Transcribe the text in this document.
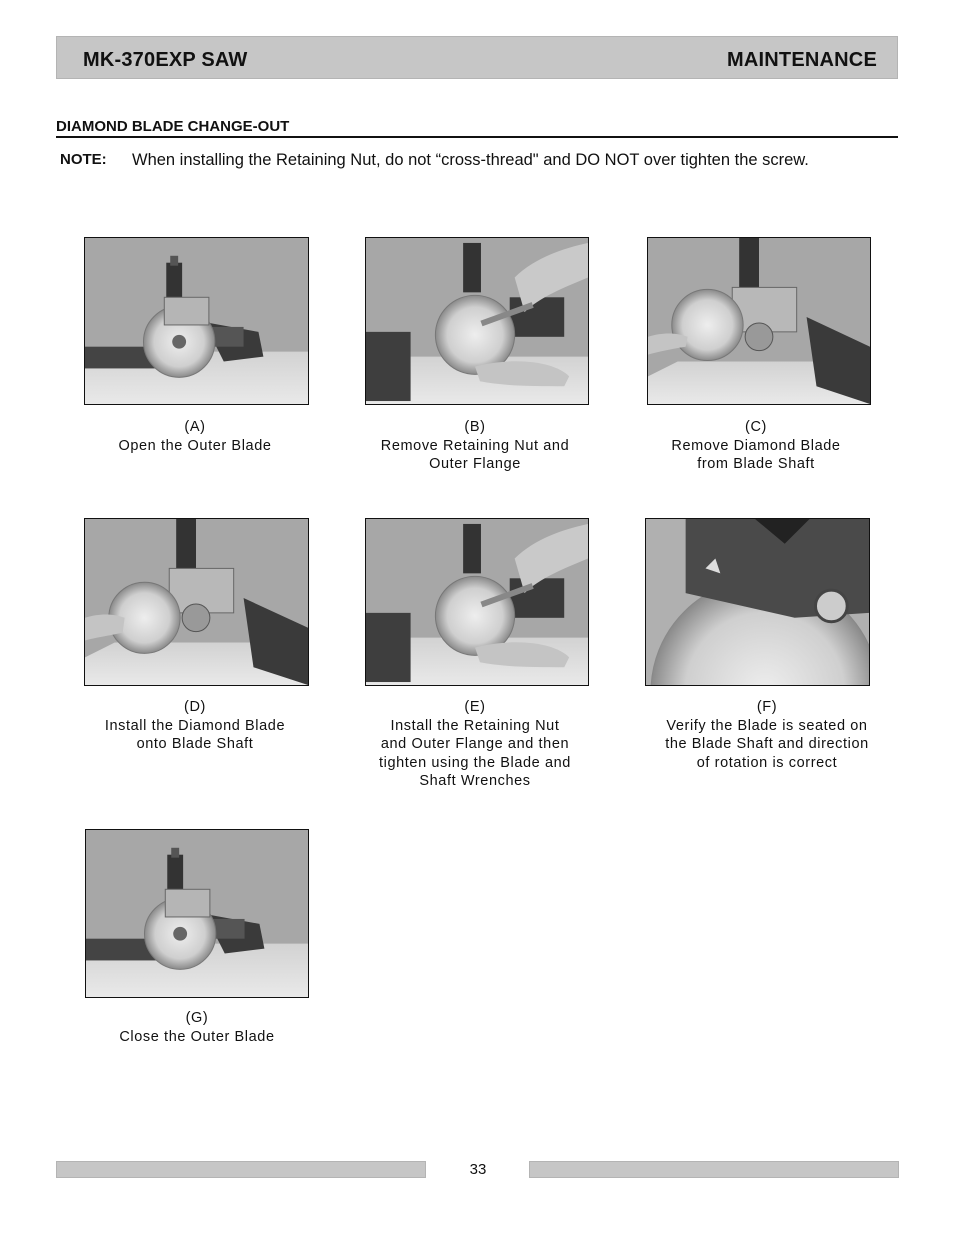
MK-370EXP SAW	MAINTENANCE
DIAMOND BLADE CHANGE-OUT
NOTE: When installing the Retaining Nut, do not “cross-thread" and DO NOT over tighten the screw.
(A)
Open the Outer Blade
(B)
Remove Retaining Nut and
Outer Flange
(C)
Remove Diamond Blade
from Blade Shaft
(D)
Install the Diamond Blade
onto Blade Shaft
(E)
Install the Retaining Nut
and Outer Flange and then
tighten using the Blade and
Shaft Wrenches
(F)
Verify the Blade is seated on
the Blade Shaft and direction
of rotation is correct
(G)
Close the Outer Blade
33
